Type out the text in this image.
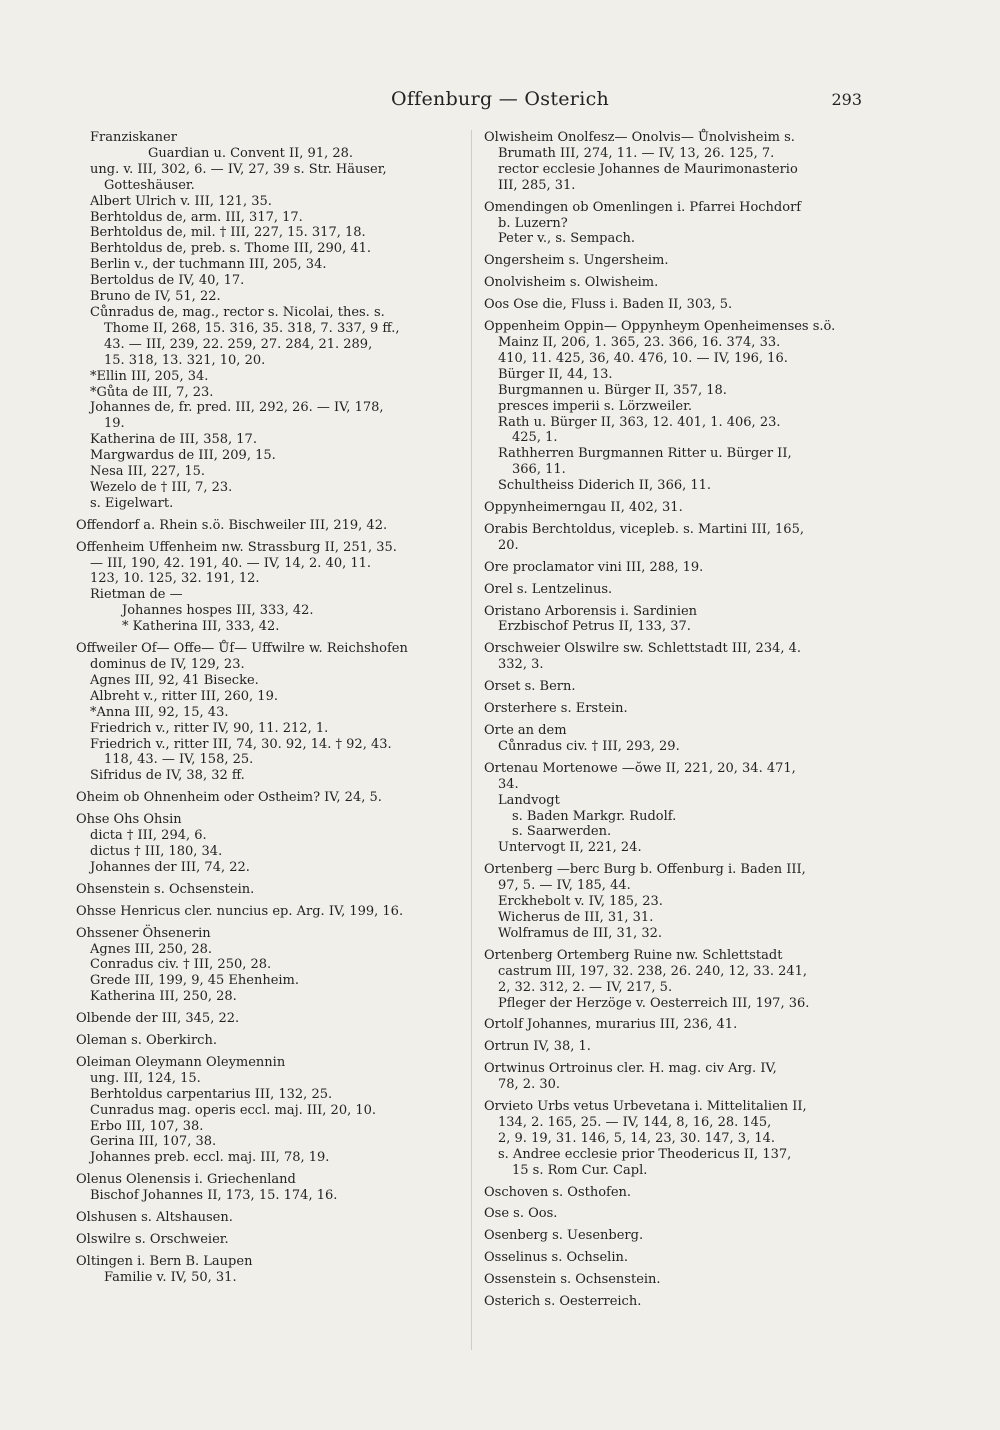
Offenburg — Osterich	293
Franziskaner
Guardian u. Convent II, 91, 28.
ung. v. III, 302, 6. — IV, 27, 39 s. Str. Häuser,
Gotteshäuser.
Albert Ulrich v. III, 121, 35.
Berhtoldus de, arm. III, 317, 17.
Berhtoldus de, mil. † III, 227, 15. 317, 18.
Berhtoldus de, preb. s. Thome III, 290, 41.
Berlin v., der tuchmann III, 205, 34.
Bertoldus de IV, 40, 17.
Bruno de IV, 51, 22.
Cůnradus de, mag., rector s. Nicolai, thes. s.
Thome II, 268, 15. 316, 35. 318, 7. 337, 9 ff.,
43. — III, 239, 22. 259, 27. 284, 21. 289,
15. 318, 13. 321, 10, 20.
*Ellin III, 205, 34.
*Gůta de III, 7, 23.
Johannes de, fr. pred. III, 292, 26. — IV, 178,
19.
Katherina de III, 358, 17.
Margwardus de III, 209, 15.
Nesa III, 227, 15.
Wezelo de † III, 7, 23.
s. Eigelwart.
Offendorf a. Rhein s.ö. Bischweiler III, 219, 42.
Offenheim Uffenheim nw. Strassburg II, 251, 35.
— III, 190, 42. 191, 40. — IV, 14, 2. 40, 11.
123, 10. 125, 32. 191, 12.
Rietman de —
Johannes hospes III, 333, 42.
* Katherina III, 333, 42.
Offweiler Of— Offe— Ůf— Uffwilre w. Reichshofen
dominus de IV, 129, 23.
Agnes III, 92, 41 Bisecke.
Albreht v., ritter III, 260, 19.
*Anna III, 92, 15, 43.
Friedrich v., ritter IV, 90, 11. 212, 1.
Friedrich v., ritter III, 74, 30. 92, 14. † 92, 43.
118, 43. — IV, 158, 25.
Sifridus de IV, 38, 32 ff.
Oheim ob Ohnenheim oder Ostheim? IV, 24, 5.
Ohse Ohs Ohsin
dicta † III, 294, 6.
dictus † III, 180, 34.
Johannes der III, 74, 22.
Ohsenstein s. Ochsenstein.
Ohsse Henricus cler. nuncius ep. Arg. IV, 199, 16.
Ohssener Öhsenerin
Agnes III, 250, 28.
Conradus civ. † III, 250, 28.
Grede III, 199, 9, 45 Ehenheim.
Katherina III, 250, 28.
Olbende der III, 345, 22.
Oleman s. Oberkirch.
Oleiman Oleymann Oleymennin
ung. III, 124, 15.
Berhtoldus carpentarius III, 132, 25.
Cunradus mag. operis eccl. maj. III, 20, 10.
Erbo III, 107, 38.
Gerina III, 107, 38.
Johannes preb. eccl. maj. III, 78, 19.
Olenus Olenensis i. Griechenland
Bischof Johannes II, 173, 15. 174, 16.
Olshusen s. Altshausen.
Olswilre s. Orschweier.
Oltingen i. Bern B. Laupen
Familie v. IV, 50, 31.
Olwisheim Onolfesz— Onolvis— Ůnolvisheim s.
Brumath III, 274, 11. — IV, 13, 26. 125, 7.
rector ecclesie Johannes de Maurimonasterio
III, 285, 31.
Omendingen ob Omenlingen i. Pfarrei Hochdorf
b. Luzern?
Peter v., s. Sempach.
Ongersheim s. Ungersheim.
Onolvisheim s. Olwisheim.
Oos Ose die, Fluss i. Baden II, 303, 5.
Oppenheim Oppin— Oppynheym Openheimenses s.ö.
Mainz II, 206, 1. 365, 23. 366, 16. 374, 33.
410, 11. 425, 36, 40. 476, 10. — IV, 196, 16.
Bürger II, 44, 13.
Burgmannen u. Bürger II, 357, 18.
presces imperii s. Lörzweiler.
Rath u. Bürger II, 363, 12. 401, 1. 406, 23.
425, 1.
Rathherren Burgmannen Ritter u. Bürger II,
366, 11.
Schultheiss Diderich II, 366, 11.
Oppynheimerngau II, 402, 31.
Orabis Berchtoldus, vicepleb. s. Martini III, 165,
20.
Ore proclamator vini III, 288, 19.
Orel s. Lentzelinus.
Oristano Arborensis i. Sardinien
Erzbischof Petrus II, 133, 37.
Orschweier Olswilre sw. Schlettstadt III, 234, 4.
332, 3.
Orset s. Bern.
Orsterhere s. Erstein.
Orte an dem
Cůnradus civ. † III, 293, 29.
Ortenau Mortenowe —ŏwe II, 221, 20, 34. 471,
34.
Landvogt
s. Baden Markgr. Rudolf.
s. Saarwerden.
Untervogt II, 221, 24.
Ortenberg —berc Burg b. Offenburg i. Baden III,
97, 5. — IV, 185, 44.
Erckhebolt v. IV, 185, 23.
Wicherus de III, 31, 31.
Wolframus de III, 31, 32.
Ortenberg Ortemberg Ruine nw. Schlettstadt
castrum III, 197, 32. 238, 26. 240, 12, 33. 241,
2, 32. 312, 2. — IV, 217, 5.
Pfleger der Herzöge v. Oesterreich III, 197, 36.
Ortolf Johannes, murarius III, 236, 41.
Ortrun IV, 38, 1.
Ortwinus Ortroinus cler. H. mag. civ Arg. IV,
78, 2. 30.
Orvieto Urbs vetus Urbevetana i. Mittelitalien II,
134, 2. 165, 25. — IV, 144, 8, 16, 28. 145,
2, 9. 19, 31. 146, 5, 14, 23, 30. 147, 3, 14.
s. Andree ecclesie prior Theodericus II, 137,
15 s. Rom Cur. Capl.
Oschoven s. Osthofen.
Ose s. Oos.
Osenberg s. Uesenberg.
Osselinus s. Ochselin.
Ossenstein s. Ochsenstein.
Osterich s. Oesterreich.
